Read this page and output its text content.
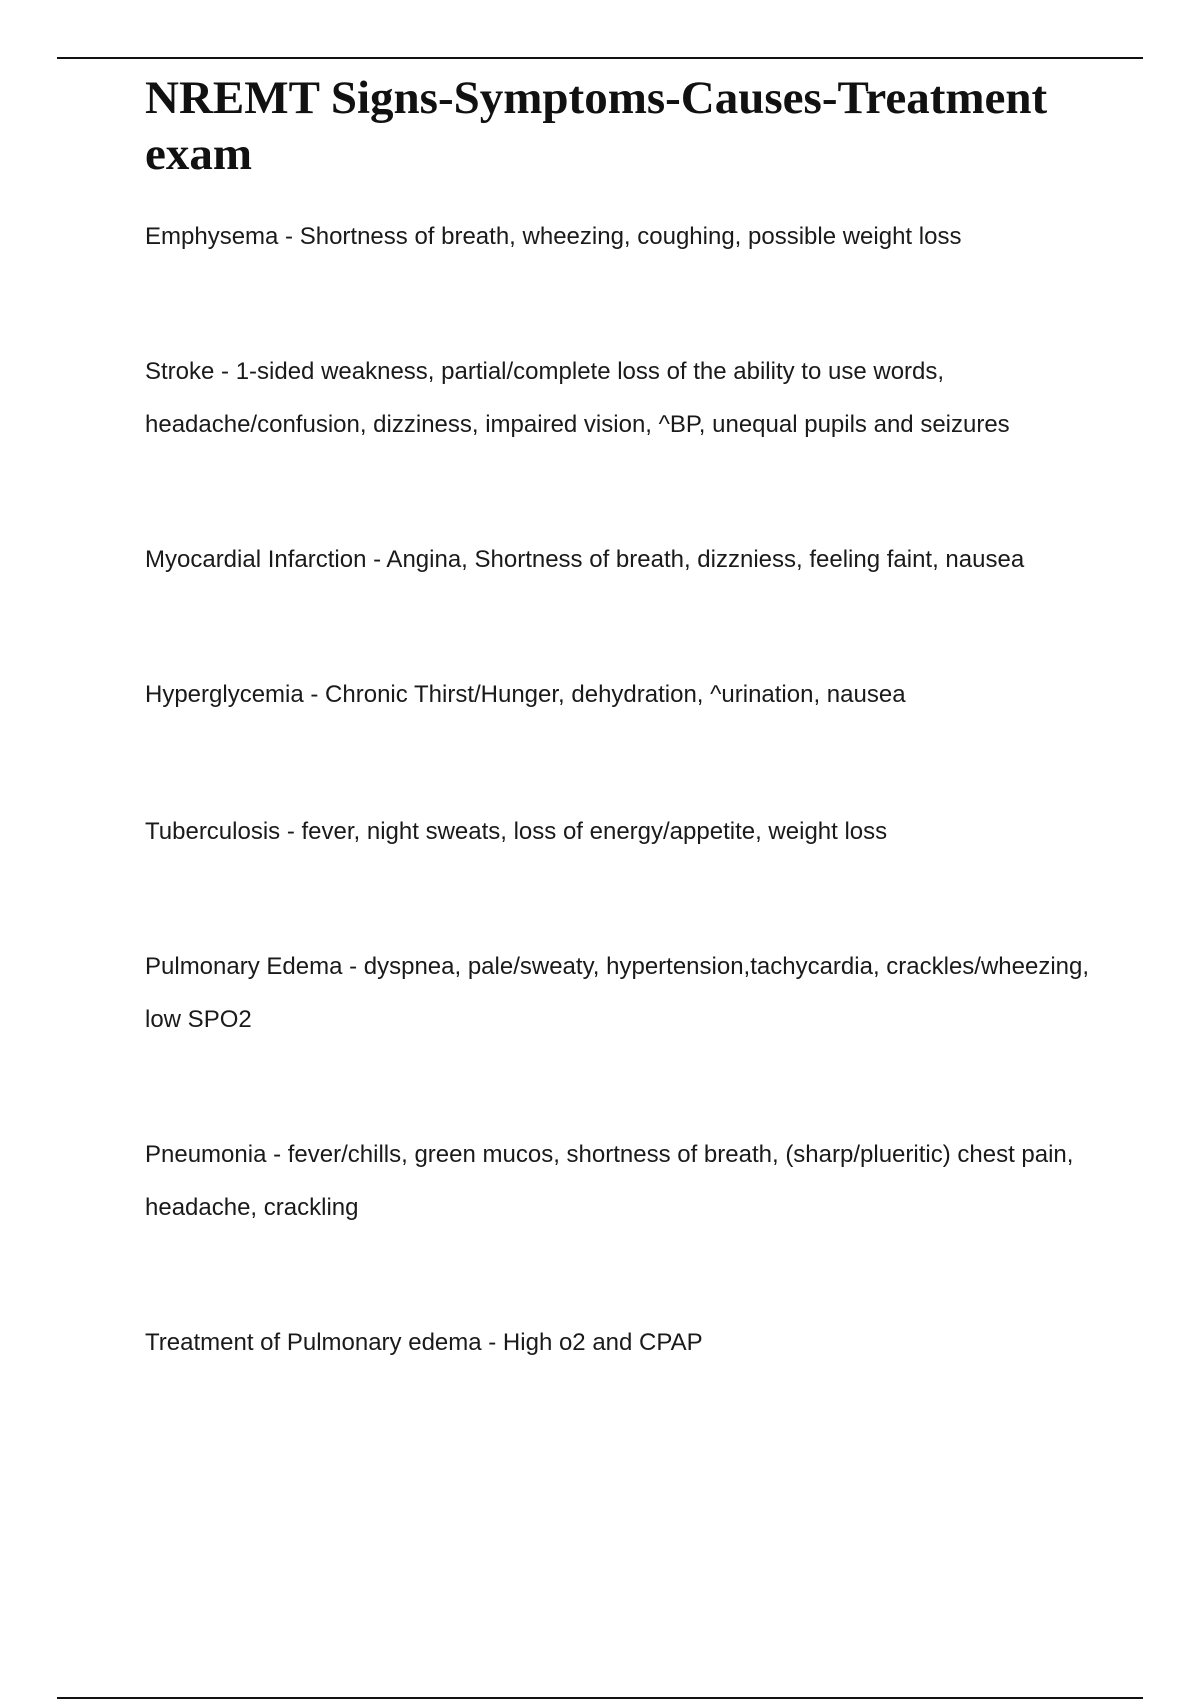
NREMT Signs-Symptoms-Causes-Treatment exam

Emphysema - Shortness of breath, wheezing, coughing, possible weight loss

Stroke - 1-sided weakness, partial/complete loss of the ability to use words, headache/confusion, dizziness, impaired vision, ^BP, unequal pupils and seizures

Myocardial Infarction - Angina, Shortness of breath, dizzniess, feeling faint, nausea

Hyperglycemia - Chronic Thirst/Hunger, dehydration, ^urination, nausea

Tuberculosis - fever, night sweats, loss of energy/appetite, weight loss

Pulmonary Edema - dyspnea, pale/sweaty, hypertension,tachycardia, crackles/wheezing, low SPO2

Pneumonia - fever/chills, green mucos, shortness of breath, (sharp/plueritic) chest pain, headache, crackling

Treatment of Pulmonary edema - High o2 and CPAP
